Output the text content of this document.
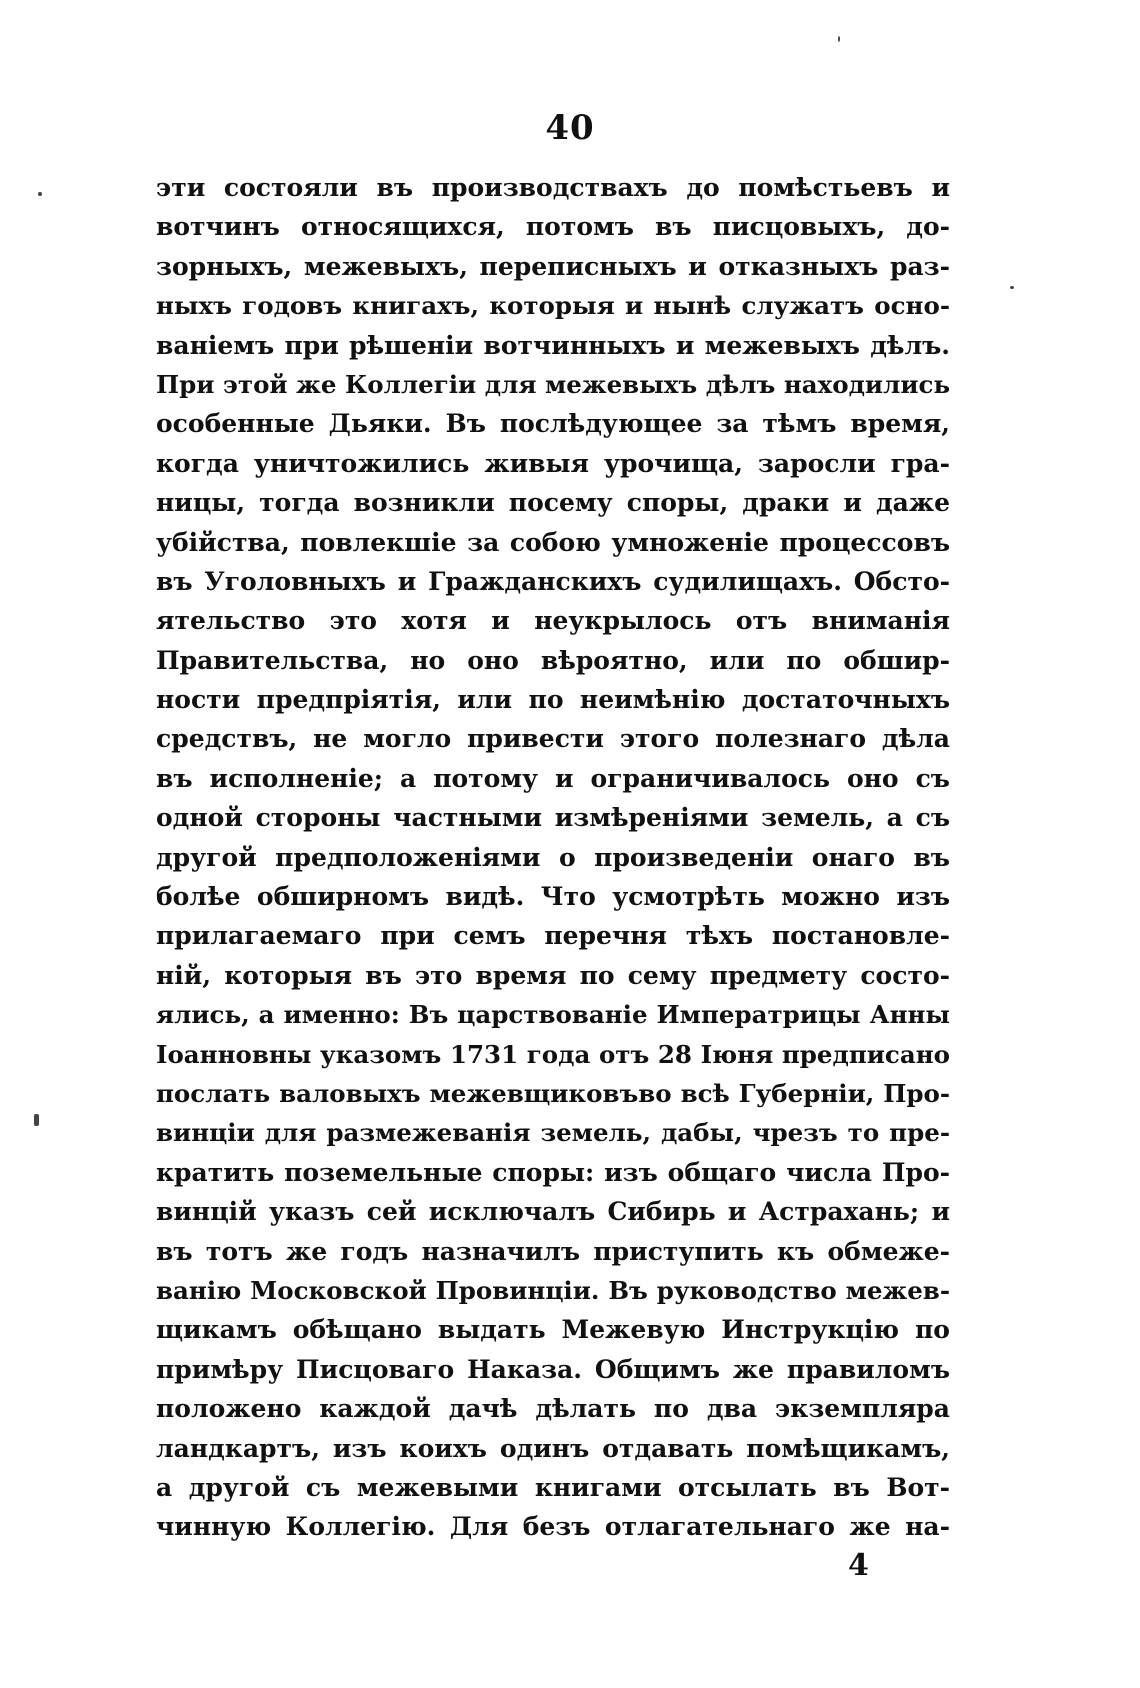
40
эти состояли въ производствахъ до помѣстьевъ и
вотчинъ относящихся, потомъ въ писцовыхъ, до-
зорныхъ, межевыхъ, переписныхъ и отказныхъ раз-
ныхъ годовъ книгахъ, которыя и нынѣ служатъ осно-
ваніемъ при рѣшеніи вотчинныхъ и межевыхъ дѣлъ.
При этой же Коллегіи для межевыхъ дѣлъ находились
особенные Дьяки. Въ послѣдующее за тѣмъ время,
когда уничтожились живыя урочища, заросли гра-
ницы, тогда возникли посему споры, драки и даже
убійства, повлекшіе за собою умноженіе процессовъ
въ Уголовныхъ и Гражданскихъ судилищахъ. Обсто-
ятельство это хотя и неукрылось отъ вниманія
Правительства, но оно вѣроятно, или по обшир-
ности предпріятія, или по неимѣнію достаточныхъ
средствъ, не могло привести этого полезнаго дѣла
въ исполненіе; а потому и ограничивалось оно съ
одной стороны частными измѣреніями земель, а съ
другой предположеніями о произведеніи онаго въ
болѣе обширномъ видѣ. Что усмотрѣть можно изъ
прилагаемаго при семъ перечня тѣхъ постановле-
ній, которыя въ это время по сему предмету состо-
ялись, а именно: Въ царствованіе Императрицы Анны
Іоанновны указомъ 1731 года отъ 28 Іюня предписано
послать валовыхъ межевщиковъво всѣ Губерніи, Про-
винціи для размежеванія земель, дабы, чрезъ то пре-
кратить поземельные споры: изъ общаго числа Про-
винцій указъ сей исключалъ Сибирь и Астрахань; и
въ тотъ же годъ назначилъ приступить къ обмеже-
ванію Московской Провинціи. Въ руководство межев-
щикамъ обѣщано выдать Межевую Инструкцію по
примѣру Писцоваго Наказа. Общимъ же правиломъ
положено каждой дачѣ дѣлать по два экземпляра
ландкартъ, изъ коихъ одинъ отдавать помѣщикамъ,
а другой съ межевыми книгами отсылать въ Вот-
чинную Коллегію. Для безъ отлагательнаго же на-
4
